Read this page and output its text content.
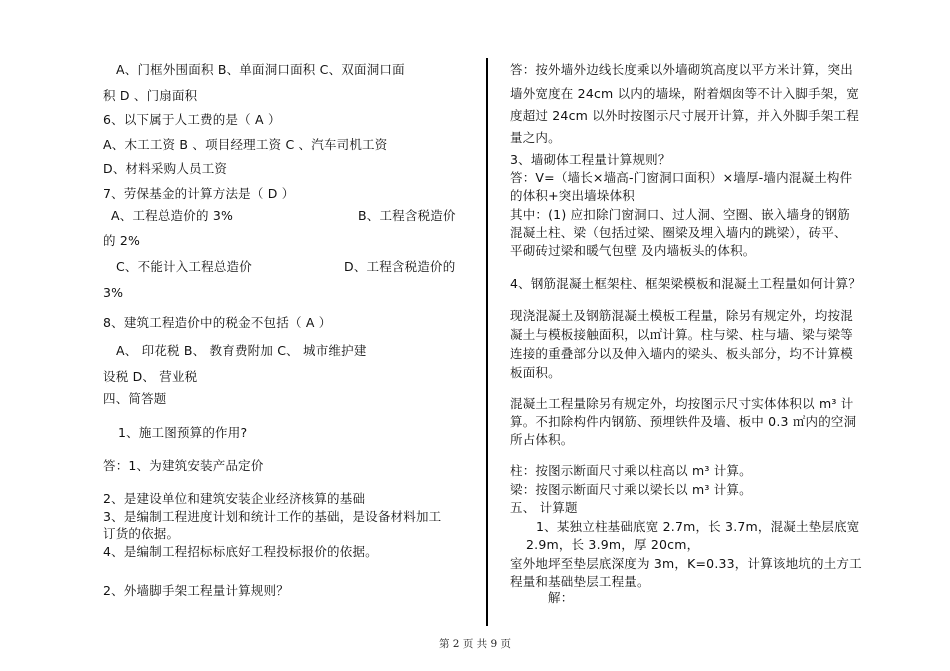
A、门框外围面积 B、单面洞口面积 C、双面洞口面
积 D 、门扇面积
6、以下属于人工费的是（ A ）
A、木工工资 B 、项目经理工资 C 、汽车司机工资
D、材料采购人员工资
7、劳保基金的计算方法是（ D ）
A、工程总造价的 3%	B、工程含税造价
的 2%
C、不能计入工程总造价	D、工程含税造价的
3%
8、建筑工程造价中的税金不包括（ A ）
A、 印花税 B、 教育费附加 C、 城市维护建
设税 D、 营业税
四、简答题
1、施工图预算的作用?
答：1、为建筑安装产品定价
2、是建设单位和建筑安装企业经济核算的基础
3、是编制工程进度计划和统计工作的基础，是设备材料加工
订货的依据。
4、是编制工程招标标底好工程投标报价的依据。
2、外墙脚手架工程量计算规则？
答：按外墙外边线长度乘以外墙砌筑高度以平方米计算，突出
墙外宽度在 24cm 以内的墙垛，附着烟囱等不计入脚手架，宽
度超过 24cm 以外时按图示尺寸展开计算，并入外脚手架工程
量之内。
3、墙砌体工程量计算规则？
答：V=（墙长×墙高-门窗洞口面积）×墙厚-墙内混凝土构件
的体积+突出墙垛体积
其中：(1) 应扣除门窗洞口、过人洞、空圈、嵌入墙身的钢筋
混凝土柱、梁（包括过梁、圈梁及埋入墙内的跳梁），砖平、
平砌砖过梁和暖气包壁 及内墙板头的体积。
4、钢筋混凝土框架柱、框架梁模板和混凝土工程量如何计算？
现浇混凝土及钢筋混凝土模板工程量，除另有规定外，均按混
凝土与模板接触面积，以㎡计算。柱与梁、柱与墙、梁与梁等
连接的重叠部分以及伸入墙内的梁头、板头部分，均不计算模
板面积。
混凝土工程量除另有规定外，均按图示尺寸实体体积以 m³ 计
算。不扣除构件内钢筋、预埋铁件及墙、板中 0.3 ㎡内的空洞
所占体积。
柱：按图示断面尺寸乘以柱高以 m³ 计算。
梁：按图示断面尺寸乘以梁长以 m³ 计算。
五、 计算题
1、某独立柱基础底宽 2.7m，长 3.7m，混凝土垫层底宽
2.9m，长 3.9m，厚 20cm，
室外地坪至垫层底深度为 3m，K=0.33，计算该地坑的土方工
程量和基础垫层工程量。
解：
第 2 页 共 9 页
